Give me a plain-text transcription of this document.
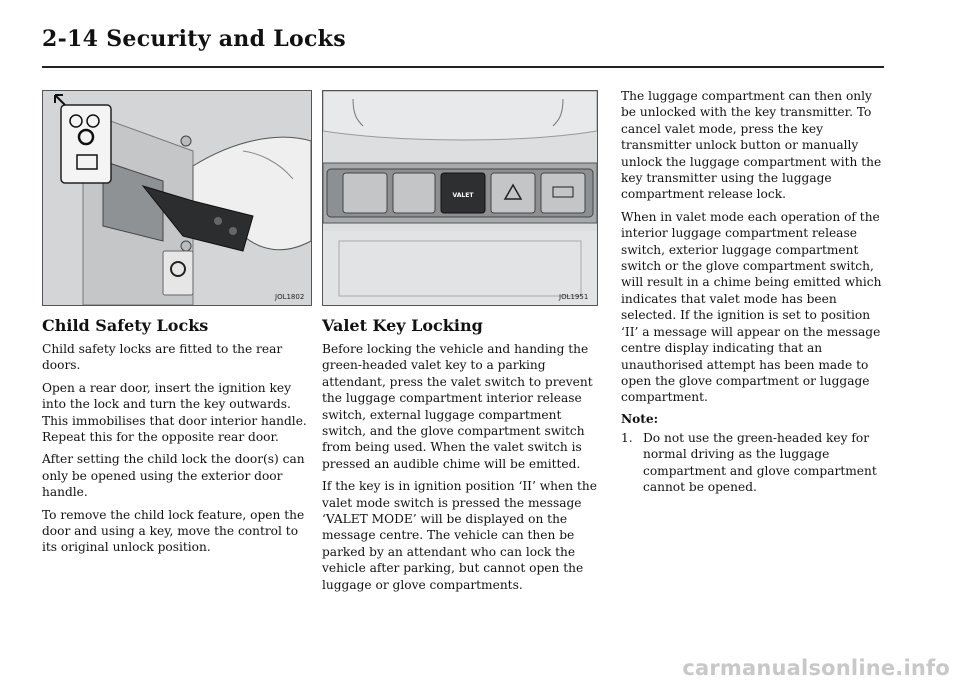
2-14 Security and Locks
JOL1802
Child Safety Locks

Child safety locks are fitted to the rear doors.

Open a rear door, insert the ignition key into the lock and turn the key outwards. This immobilises that door interior handle. Repeat this for the opposite rear door.

After setting the child lock the door(s) can only be opened using the exterior door handle.

To remove the child lock feature, open the door and using a key, move the control to its original unlock position.

VALET
JOL1951
Valet Key Locking

Before locking the vehicle and handing the green-headed valet key to a parking attendant, press the valet switch to prevent the luggage compartment interior release switch, external luggage compartment switch, and the glove compartment switch from being used. When the valet switch is pressed an audible chime will be emitted.

If the key is in ignition position ‘II’ when the valet mode switch is pressed the message ‘VALET MODE’ will be displayed on the message centre. The vehicle can then be parked by an attendant who can lock the vehicle after parking, but cannot open the luggage or glove compartments.

The luggage compartment can then only be unlocked with the key transmitter. To cancel valet mode, press the key transmitter unlock button or manually unlock the luggage compartment with the key transmitter using the luggage compartment release lock.

When in valet mode each operation of the interior luggage compartment release switch, exterior luggage compartment switch or the glove compartment switch, will result in a chime being emitted which indicates that valet mode has been selected. If the ignition is set to position ‘II’ a message will appear on the message centre display indicating that an unauthorised attempt has been made to open the glove compartment or luggage compartment.

Note:
1. Do not use the green-headed key for normal driving as the luggage compartment and glove compartment cannot be opened.
carmanualsonline.info
